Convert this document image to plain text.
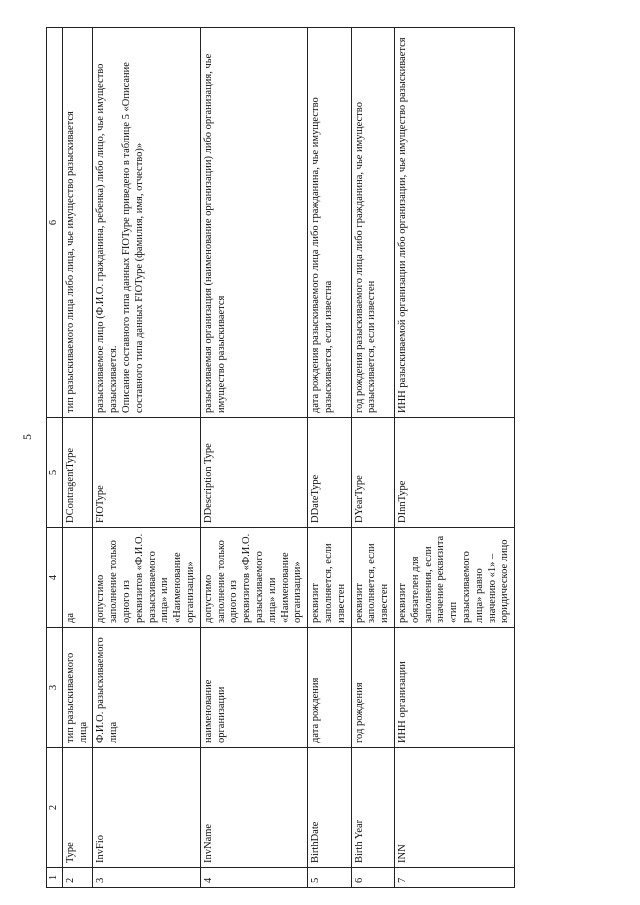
5
1	2	3	4	5	6
2	Type	тип разыскиваемого лица	да	DContragentType	тип разыскиваемого лица либо лица, чье имущество разыскивается
3	InvFio	Ф.И.О. разыскиваемого лица	допустимо заполнение только одного из реквизитов «Ф.И.О. разыскиваемого лица» или «Наименование организации»	FIOType	разыскиваемое лицо (Ф.И.О. гражданина, ребенка) либо лицо, чье имущество разыскивается.
Описание составного типа данных FIOType приведено в таблице 5 «Описание составного типа данных FIOType (фамилия, имя, отчество)»
4	InvName	наименование организации	допустимо заполнение только одного из реквизитов «Ф.И.О. разыскиваемого лица» или «Наименование организации»	DDescription Type	разыскиваемая организация (наименование организации) либо организация, чье имущество разыскивается
5	BirthDate	дата рождения	реквизит заполняется, если известен	DDateType	дата рождения разыскиваемого лица либо гражданина, чье имущество разыскивается, если известна
6	Birth Year	год рождения	реквизит заполняется, если известен	DYearType	год рождения разыскиваемого лица либо гражданина, чье имущество разыскивается, если известен
7	INN	ИНН организации	реквизит обязателен для заполнения, если значение реквизита «тип разыскиваемого лица» равно значению «1» – юридическое лицо	DInnType	ИНН разыскиваемой организации либо организации, чье имущество разыскивается
